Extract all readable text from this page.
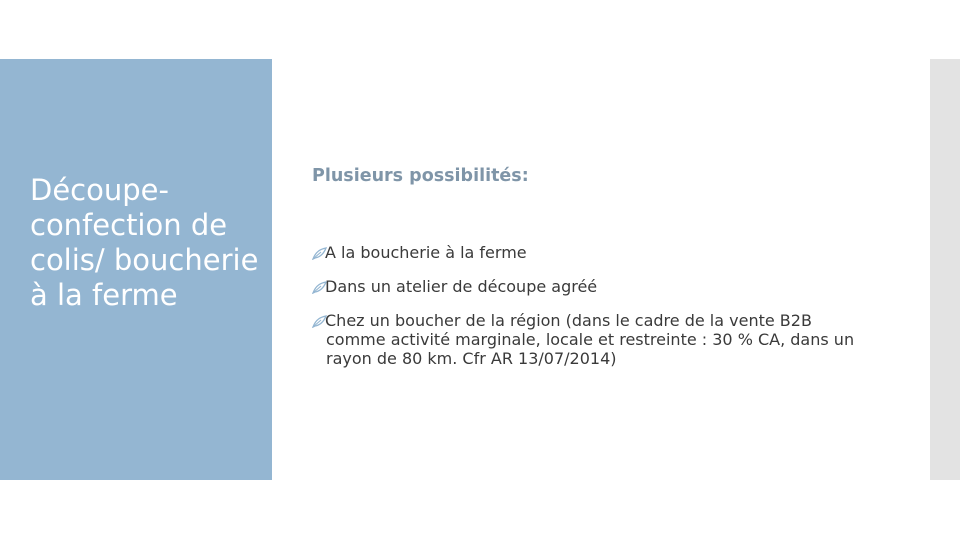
Découpe-confection de colis/ boucherie à la ferme
Plusieurs possibilités:
A la boucherie à la ferme
Dans un atelier de découpe agréé
Chez un boucher de la région (dans le cadre de la vente B2B comme activité marginale, locale et restreinte : 30 % CA, dans un rayon de 80 km. Cfr AR 13/07/2014)
